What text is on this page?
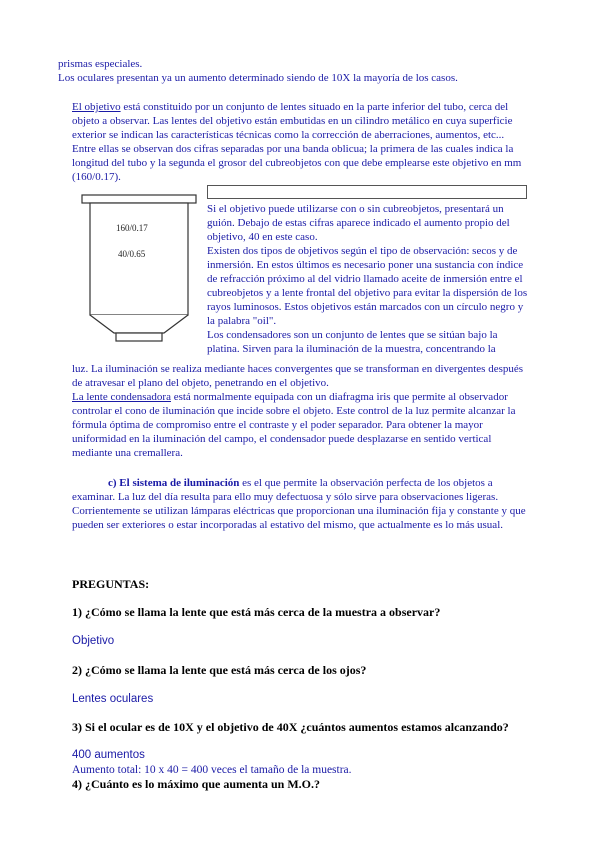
prismas especiales.

Los oculares presentan ya un aumento determinado siendo de 10X la mayoría de los casos.

El objetivo está constituido por un conjunto de lentes situado en la parte inferior del tubo, cerca del objeto a observar. Las lentes del objetivo están embutidas en un cilindro metálico en cuya superficie exterior se indican las características técnicas como la corrección de aberraciones, aumentos, etc... Entre ellas se observan dos cifras separadas por una banda oblicua; la primera de las cuales indica la longitud del tubo y la segunda el grosor del cubreobjetos con que debe emplearse este objetivo en mm (160/0.17).
160/0.17
40/0.65

Si el objetivo puede utilizarse con o sin cubreobjetos, presentará un guión. Debajo de estas cifras aparece indicado el aumento propio del objetivo, 40 en este caso.

Existen dos tipos de objetivos según el tipo de observación: secos y de inmersión. En estos últimos es necesario poner una sustancia con índice de refracción próximo al del vidrio llamado aceite de inmersión entre el cubreobjetos y a lente frontal del objetivo para evitar la dispersión de los rayos luminosos. Estos objetivos están marcados con un círculo negro y la palabra "oil".

Los condensadores son un conjunto de lentes que se sitúan bajo la platina. Sirven para la iluminación de la muestra, concentrando la

luz. La iluminación se realiza mediante haces convergentes que se transforman en divergentes después de atravesar el plano del objeto, penetrando en el objetivo.

La lente condensadora está normalmente equipada con un diafragma iris que permite al observador controlar el cono de iluminación que incide sobre el objeto. Este control de la luz permite alcanzar la fórmula óptima de compromiso entre el contraste y el poder separador. Para obtener la mayor uniformidad en la iluminación del campo, el condensador puede desplazarse en sentido vertical mediante una cremallera.
c) El sistema de iluminación es el que permite la observación perfecta de los objetos a examinar. La luz del día resulta para ello muy defectuosa y sólo sirve para observaciones ligeras. Corrientemente se utilizan lámparas eléctricas que proporcionan una iluminación fija y constante y que pueden ser exteriores o estar incorporadas al estativo del mismo, que actualmente es lo más usual.
PREGUNTAS:
1) ¿Cómo se llama la lente que está más cerca de la muestra a observar?
Objetivo
2) ¿Cómo se llama la lente que está más cerca de los ojos?
Lentes oculares
3) Si el ocular es de 10X y el objetivo de 40X ¿cuántos aumentos estamos alcanzando?
400 aumentos
Aumento total: 10 x 40 = 400 veces el tamaño de la muestra.
4) ¿Cuánto es lo máximo que aumenta un M.O.?
